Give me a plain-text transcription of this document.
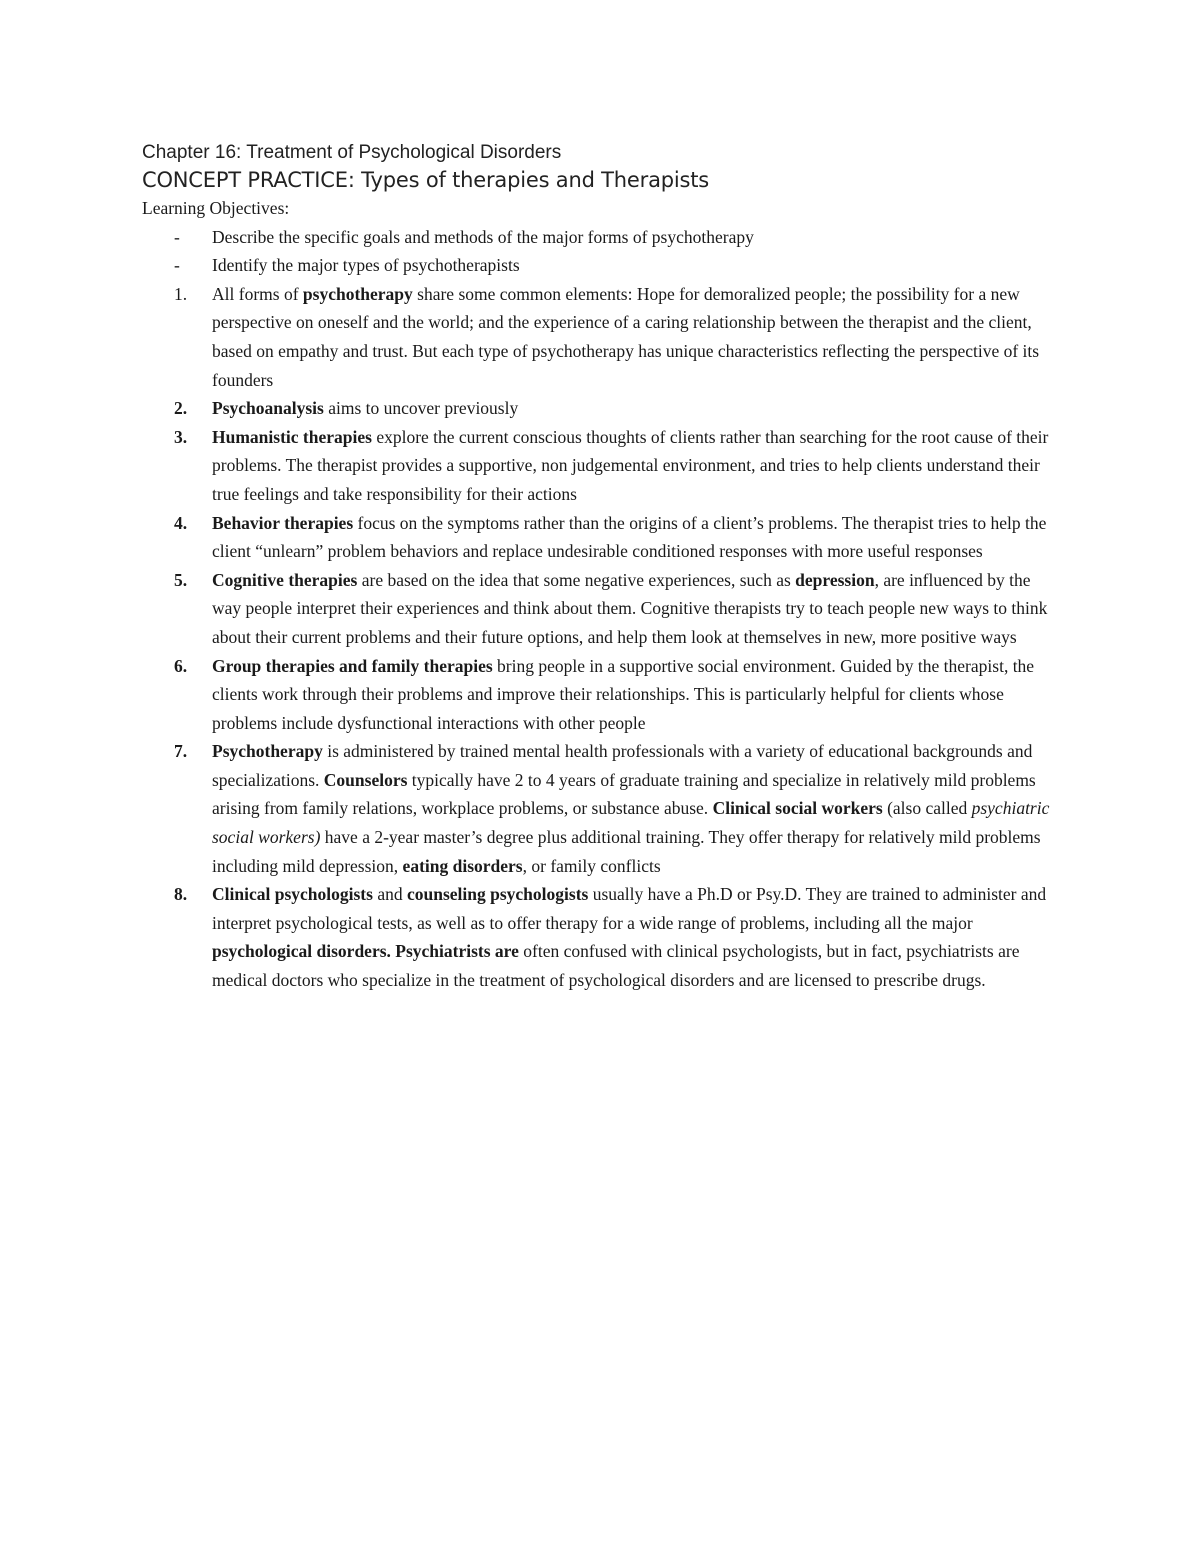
Chapter 16: Treatment of Psychological Disorders
CONCEPT PRACTICE: Types of therapies and Therapists
Learning Objectives:
- Describe the specific goals and methods of the major forms of psychotherapy
- Identify the major types of psychotherapists
1. All forms of psychotherapy share some common elements: Hope for demoralized people; the possibility for a new perspective on oneself and the world; and the experience of a caring relationship between the therapist and the client, based on empathy and trust. But each type of psychotherapy has unique characteristics reflecting the perspective of its founders
2. Psychoanalysis aims to uncover previously
3. Humanistic therapies explore the current conscious thoughts of clients rather than searching for the root cause of their problems. The therapist provides a supportive, non judgemental environment, and tries to help clients understand their true feelings and take responsibility for their actions
4. Behavior therapies focus on the symptoms rather than the origins of a client’s problems. The therapist tries to help the client “unlearn” problem behaviors and replace undesirable conditioned responses with more useful responses
5. Cognitive therapies are based on the idea that some negative experiences, such as depression, are influenced by the way people interpret their experiences and think about them. Cognitive therapists try to teach people new ways to think about their current problems and their future options, and help them look at themselves in new, more positive ways
6. Group therapies and family therapies bring people in a supportive social environment. Guided by the therapist, the clients work through their problems and improve their relationships. This is particularly helpful for clients whose problems include dysfunctional interactions with other people
7. Psychotherapy is administered by trained mental health professionals with a variety of educational backgrounds and specializations. Counselors typically have 2 to 4 years of graduate training and specialize in relatively mild problems arising from family relations, workplace problems, or substance abuse. Clinical social workers (also called psychiatric social workers) have a 2-year master’s degree plus additional training. They offer therapy for relatively mild problems including mild depression, eating disorders, or family conflicts
8. Clinical psychologists and counseling psychologists usually have a Ph.D or Psy.D. They are trained to administer and interpret psychological tests, as well as to offer therapy for a wide range of problems, including all the major psychological disorders. Psychiatrists are often confused with clinical psychologists, but in fact, psychiatrists are medical doctors who specialize in the treatment of psychological disorders and are licensed to prescribe drugs.
